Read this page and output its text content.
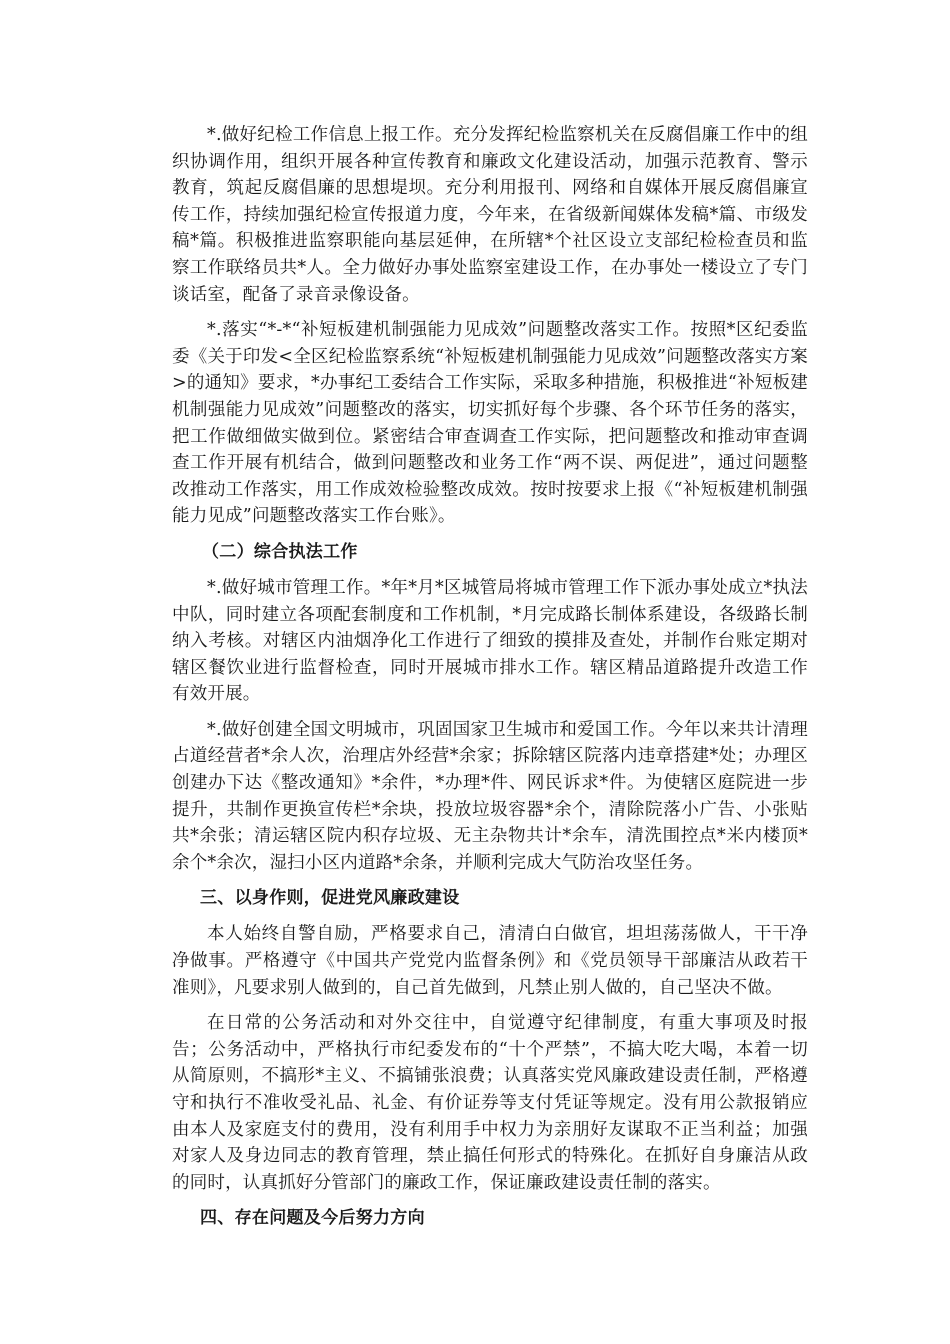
*.做好纪检工作信息上报工作。充分发挥纪检监察机关在反腐倡廉工作中的组织协调作用，组织开展各种宣传教育和廉政文化建设活动，加强示范教育、警示教育，筑起反腐倡廉的思想堤坝。充分利用报刊、网络和自媒体开展反腐倡廉宣传工作，持续加强纪检宣传报道力度，今年来，在省级新闻媒体发稿*篇、市级发稿*篇。积极推进监察职能向基层延伸，在所辖*个社区设立支部纪检检查员和监察工作联络员共*人。全力做好办事处监察室建设工作，在办事处一楼设立了专门谈话室，配备了录音录像设备。

*.落实“*-*“补短板建机制强能力见成效”问题整改落实工作。按照*区纪委监委《关于印发<全区纪检监察系统“补短板建机制强能力见成效”问题整改落实方案>的通知》要求，*办事纪工委结合工作实际，采取多种措施，积极推进“补短板建机制强能力见成效”问题整改的落实，切实抓好每个步骤、各个环节任务的落实，把工作做细做实做到位。紧密结合审查调查工作实际，把问题整改和推动审查调查工作开展有机结合，做到问题整改和业务工作“两不误、两促进”，通过问题整改推动工作落实，用工作成效检验整改成效。按时按要求上报《“补短板建机制强能力见成”问题整改落实工作台账》。

（二）综合执法工作

*.做好城市管理工作。*年*月*区城管局将城市管理工作下派办事处成立*执法中队，同时建立各项配套制度和工作机制，*月完成路长制体系建设，各级路长制纳入考核。对辖区内油烟净化工作进行了细致的摸排及查处，并制作台账定期对辖区餐饮业进行监督检查，同时开展城市排水工作。辖区精品道路提升改造工作有效开展。

*.做好创建全国文明城市，巩固国家卫生城市和爱国工作。今年以来共计清理占道经营者*余人次，治理店外经营*余家；拆除辖区院落内违章搭建*处；办理区创建办下达《整改通知》*余件，*办理*件、网民诉求*件。为使辖区庭院进一步提升，共制作更换宣传栏*余块，投放垃圾容器*余个，清除院落小广告、小张贴共*余张；清运辖区院内积存垃圾、无主杂物共计*余车，清洗围控点*米内楼顶*余个*余次，湿扫小区内道路*余条，并顺利完成大气防治攻坚任务。

三、以身作则，促进党风廉政建设

本人始终自警自励，严格要求自己，清清白白做官，坦坦荡荡做人，干干净净做事。严格遵守《中国共产党党内监督条例》和《党员领导干部廉洁从政若干准则》，凡要求别人做到的，自己首先做到，凡禁止别人做的，自己坚决不做。

在日常的公务活动和对外交往中，自觉遵守纪律制度，有重大事项及时报告；公务活动中，严格执行市纪委发布的“十个严禁”，不搞大吃大喝，本着一切从简原则，不搞形*主义、不搞铺张浪费；认真落实党风廉政建设责任制，严格遵守和执行不准收受礼品、礼金、有价证券等支付凭证等规定。没有用公款报销应由本人及家庭支付的费用，没有利用手中权力为亲朋好友谋取不正当利益；加强对家人及身边同志的教育管理，禁止搞任何形式的特殊化。在抓好自身廉洁从政的同时，认真抓好分管部门的廉政工作，保证廉政建设责任制的落实。

四、存在问题及今后努力方向
